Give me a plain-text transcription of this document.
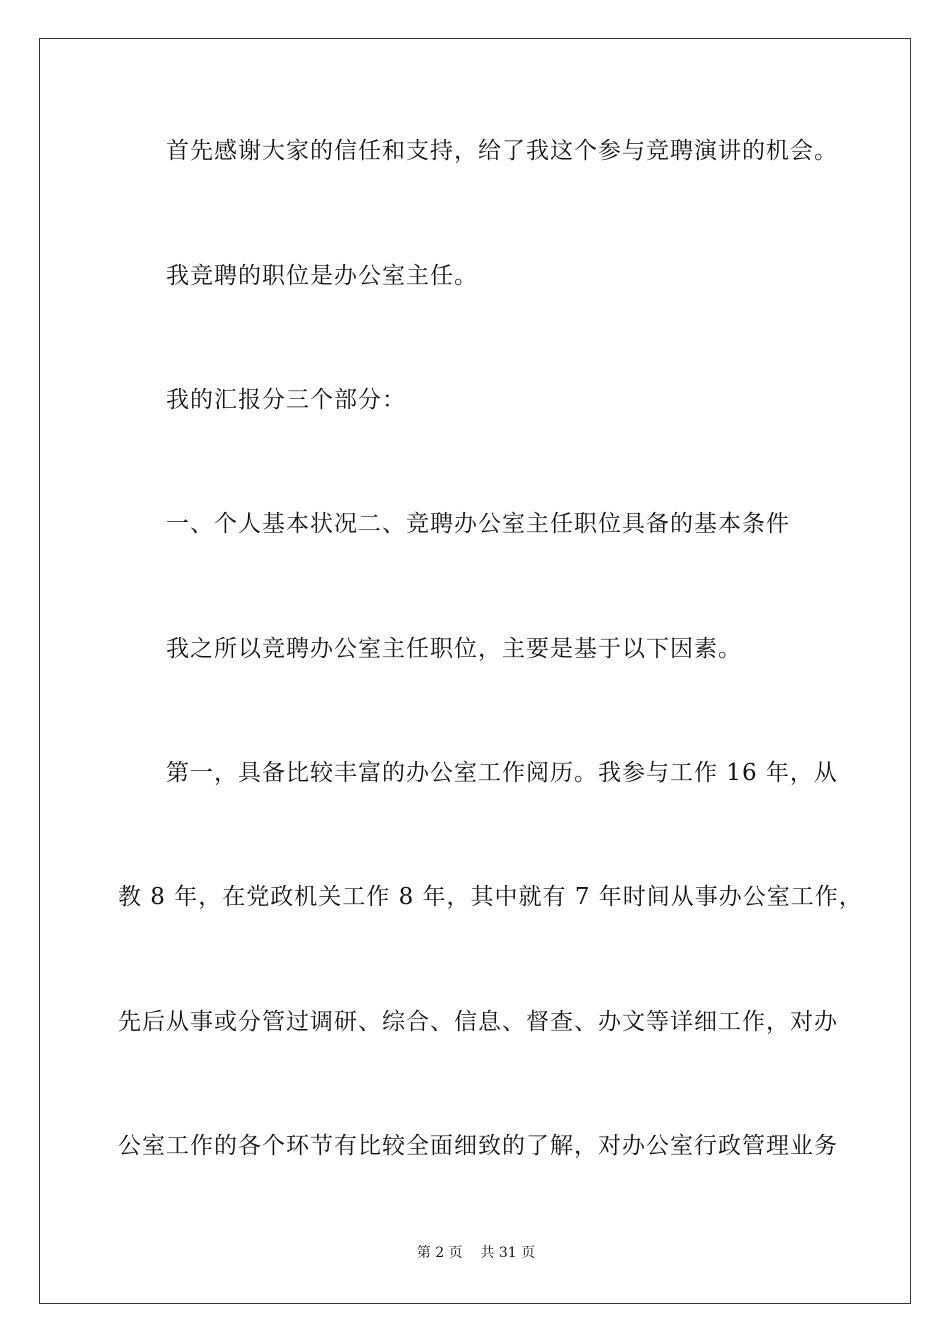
首先感谢大家的信任和支持，给了我这个参与竞聘演讲的机会。
我竞聘的职位是办公室主任。
我的汇报分三个部分：
一、个人基本状况二、竞聘办公室主任职位具备的基本条件
我之所以竞聘办公室主任职位，主要是基于以下因素。
第一，具备比较丰富的办公室工作阅历。我参与工作 16 年，从
教 8 年，在党政机关工作 8 年，其中就有 7 年时间从事办公室工作，
先后从事或分管过调研、综合、信息、督查、办文等详细工作，对办
公室工作的各个环节有比较全面细致的了解，对办公室行政管理业务
第 2 页    共 31 页
